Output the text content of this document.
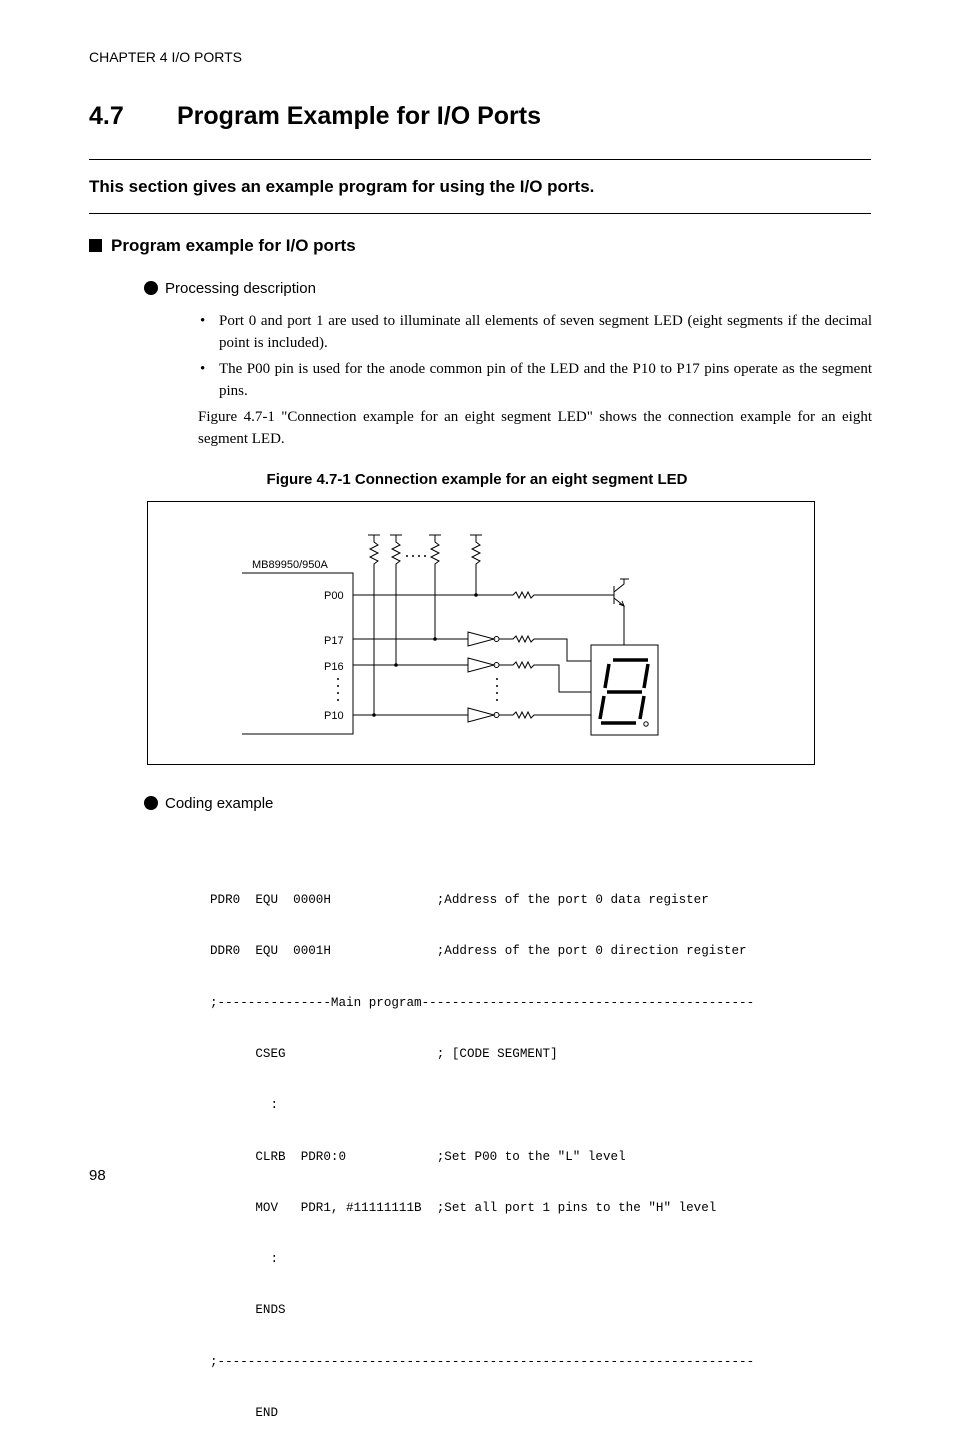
CHAPTER 4 I/O PORTS
4.7 Program Example for I/O Ports

This section gives an example program for using the I/O ports.

Program example for I/O ports
Processing description
• Port 0 and port 1 are used to illuminate all elements of seven segment LED (eight segments if the decimal point is included).
• The P00 pin is used for the anode common pin of the LED and the P10 to P17 pins operate as the segment pins.

Figure 4.7-1 "Connection example for an eight segment LED" shows the connection example for an eight segment LED.

Figure 4.7-1 Connection example for an eight segment LED
MB89950/950A
P00
P17
P16
P10
Coding example

PDR0  EQU  0000H              ;Address of the port 0 data register

DDR0  EQU  0001H              ;Address of the port 0 direction register

;---------------Main program--------------------------------------------

CSEG                    ; [CODE SEGMENT]

:

CLRB  PDR0:0            ;Set P00 to the "L" level

MOV   PDR1, #11111111B  ;Set all port 1 pins to the "H" level

:

ENDS

;-----------------------------------------------------------------------

END

98
